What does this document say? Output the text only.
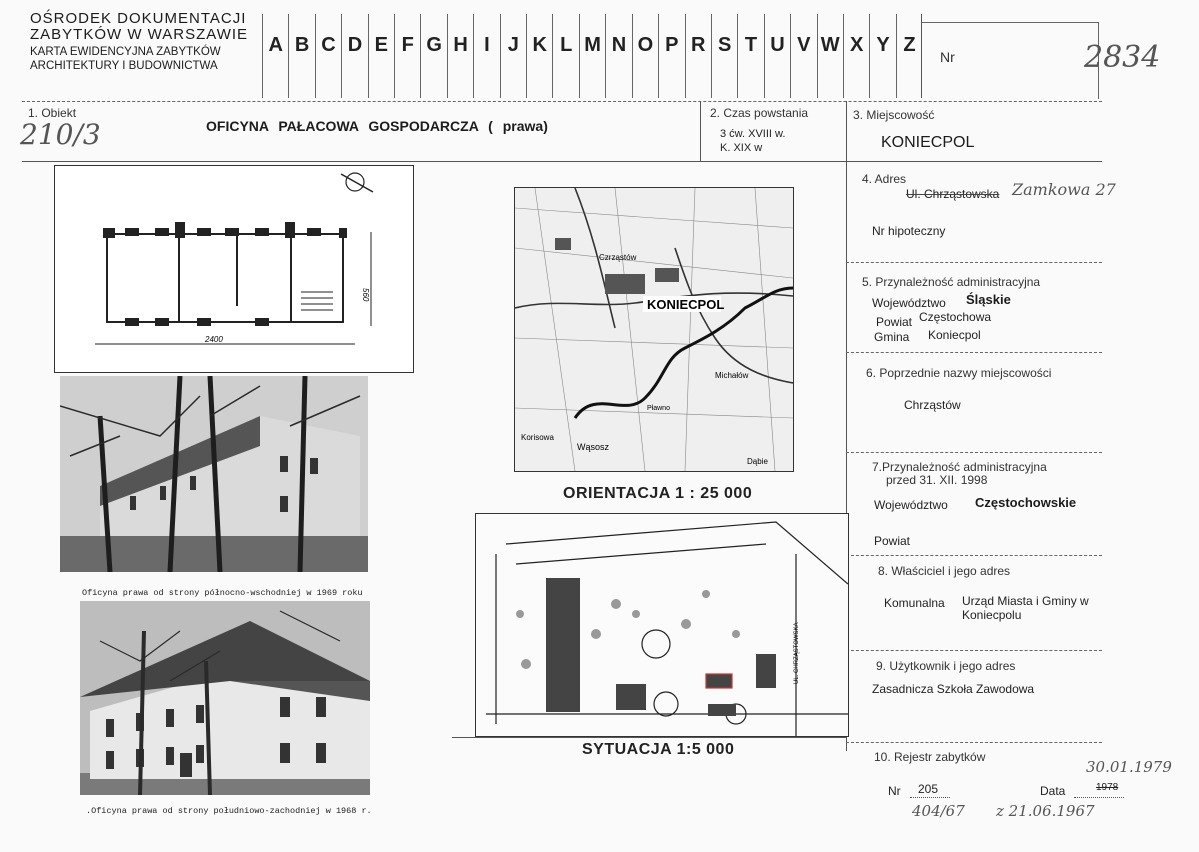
OŚRODEK DOKUMENTACJI
ZABYTKÓW W WARSZAWIE
KARTA EWIDENCYJNA ZABYTKÓW
ARCHITEKTURY I BUDOWNICTWA
A B C D E F G H I J K L M N O P R S T U V W X Y Z
Nr	2834
1. Obiekt
210/3	OFICYNA PAŁACOWA GOSPODARCZA ( prawa)
2. Czas powstania
3 ćw. XVIII w.
K. XIX w
3. Miejscowość
KONIECPOL
4. Adres
Ul. Chrząstowska Zamkowa 27
Nr hipoteczny
5. Przynależność administracyjna
Województwo Śląskie
Powiat Częstochowa
Gmina Koniecpol
6. Poprzednie nazwy miejscowości
Chrząstów
7.Przynależność administracyjna
przed 31. XII. 1998
Województwo Częstochowskie
Powiat
8. Właściciel i jego adres
Komunalna Urząd Miasta i Gminy w
Koniecpolu
9. Użytkownik i jego adres
Zasadnicza Szkoła Zawodowa
10. Rejestr zabytków
30.01.1979
Nr 205	Data	1978
404/67 z 21.06.1967
2400
560
KONIECPOL
Czrząstów
Michałów
Wąsosz
Dąbie
Korisowa
Pławno
ORIENTACJA 1 : 25 000
UL. CHRZĄSTOWSKA
SYTUACJA 1:5 000
Oficyna prawa od strony północno-wschodniej w 1969 roku
.Oficyna prawa od strony południowo-zachodniej w 1968 r.
